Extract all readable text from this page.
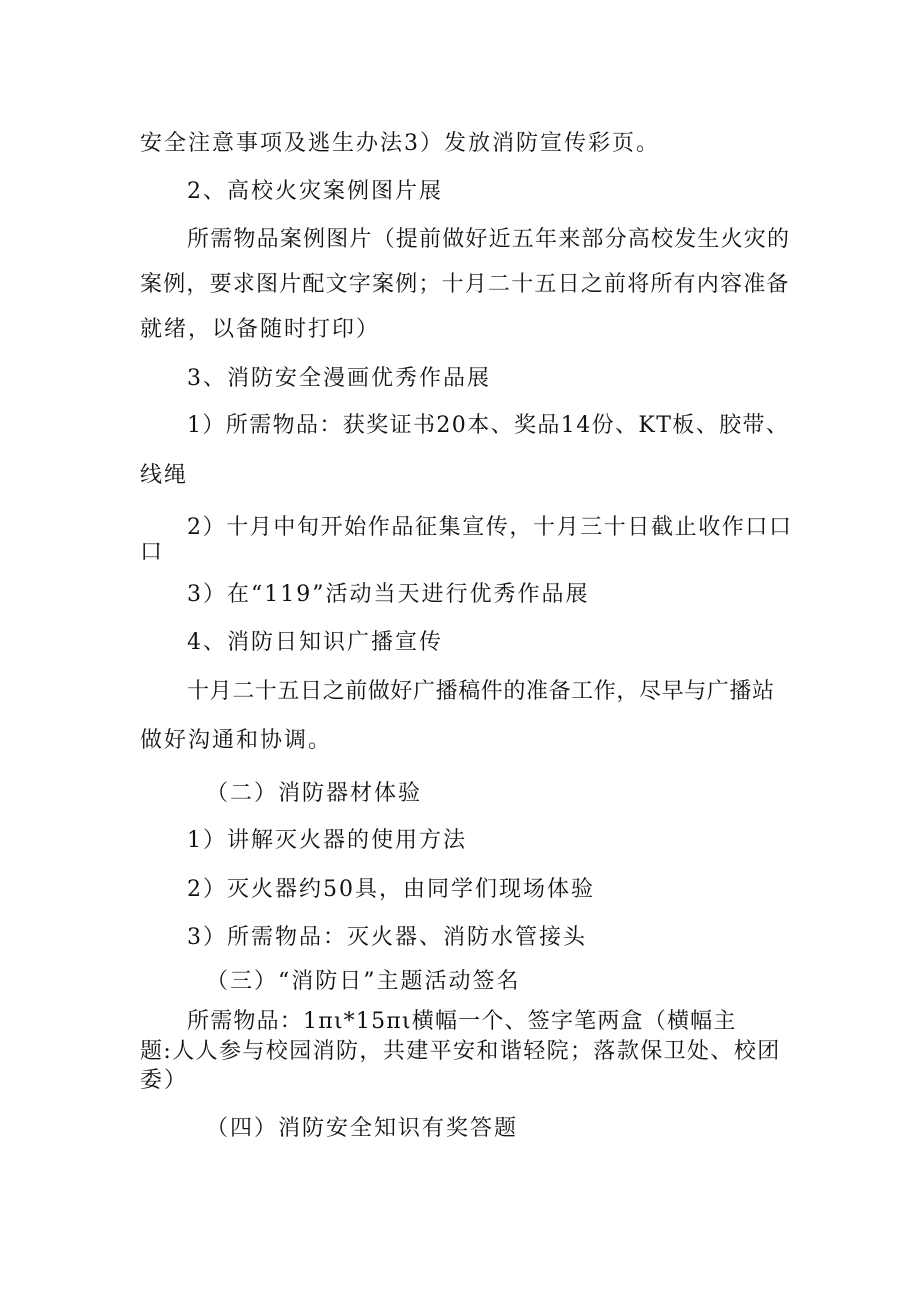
安全注意事项及逃生办法3）发放消防宣传彩页。

2、高校火灾案例图片展

所需物品案例图片（提前做好近五年来部分高校发生火灾的

案例，要求图片配文字案例；十月二十五日之前将所有内容准备

就绪，以备随时打印）

3、消防安全漫画优秀作品展

1）所需物品：获奖证书20本、奖品14份、KT板、胶带、

线绳

2）十月中旬开始作品征集宣传，十月三十日截止收作口口

口

3）在“119”活动当天进行优秀作品展

4、消防日知识广播宣传

十月二十五日之前做好广播稿件的准备工作，尽早与广播站

做好沟通和协调。

（二）消防器材体验

1）讲解灭火器的使用方法

2）灭火器约50具，由同学们现场体验

3）所需物品：灭火器、消防水管接头

（三）“消防日”主题活动签名

所需物品：1πι*15πι横幅一个、签字笔两盒（横幅主

题:人人参与校园消防，共建平安和谐轻院；落款保卫处、校团

委）

（四）消防安全知识有奖答题
